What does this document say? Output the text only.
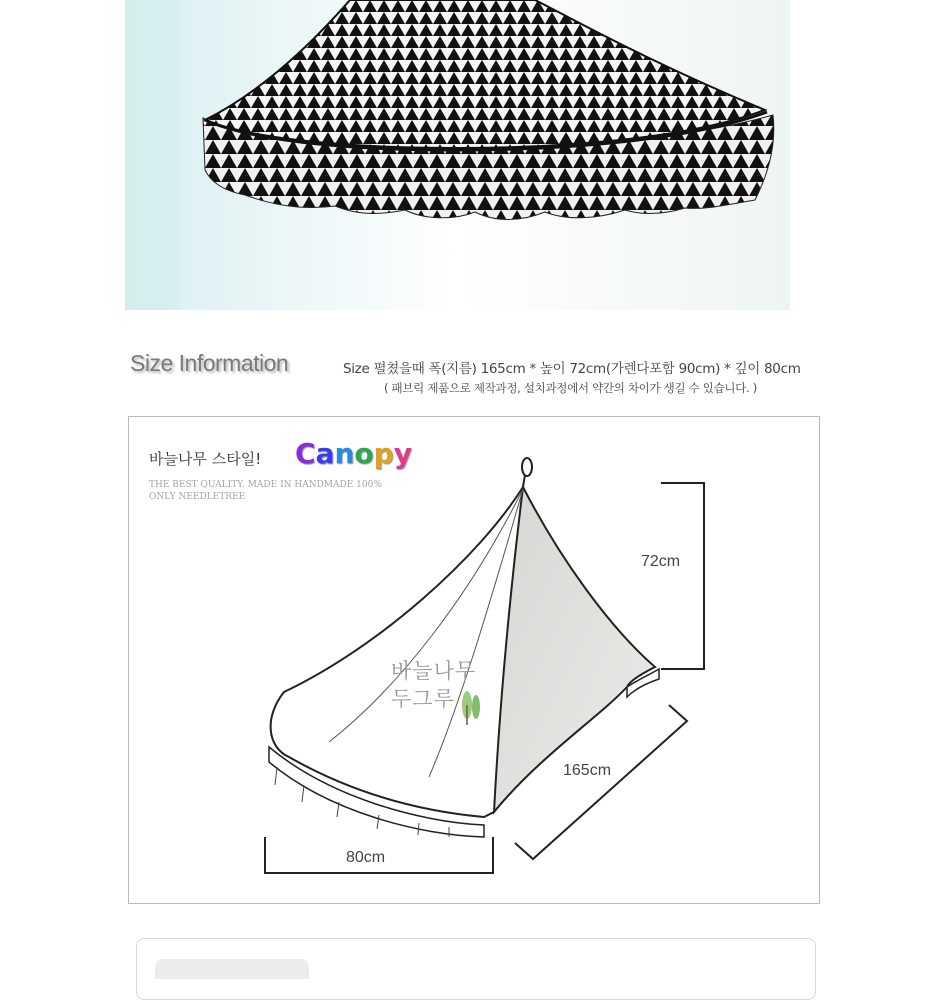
Size Information	Size 펼쳤을때 폭(지름) 165cm * 높이 72cm(가렌다포함 90cm) * 깊이 80cm
( 패브릭 제품으로 제작과정, 설치과정에서 약간의 차이가 생길 수 있습니다. )
바늘나무 스타일! Canopy
THE BEST QUALITY. MADE IN HANDMADE 100% ONLY NEEDLETREE
72cm
165cm
80cm
바늘나무
두그루
